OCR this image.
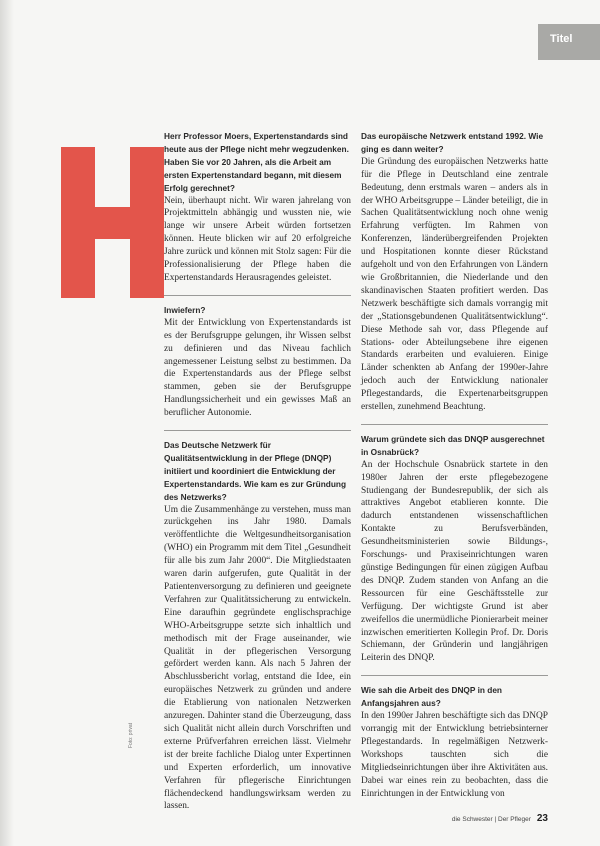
Titel

Herr Professor Moers, Expertenstandards sind heute aus der Pflege nicht mehr wegzudenken. Haben Sie vor 20 Jahren, als die Arbeit am ersten Expertenstandard begann, mit diesem Erfolg gerechnet?

Nein, überhaupt nicht. Wir waren jahrelang von Projektmitteln abhängig und wussten nie, wie lange wir unsere Arbeit würden fortsetzen können. Heute blicken wir auf 20 erfolgreiche Jahre zurück und können mit Stolz sagen: Für die Professionalisierung der Pflege haben die Expertenstandards Herausragendes geleistet.

Inwiefern?

Mit der Entwicklung von Expertenstandards ist es der Berufsgruppe gelungen, ihr Wissen selbst zu definieren und das Niveau fachlich angemessener Leistung selbst zu bestimmen. Da die Expertenstandards aus der Pflege selbst stammen, geben sie der Berufsgruppe Handlungssicherheit und ein gewisses Maß an beruflicher Autonomie.

Das Deutsche Netzwerk für Qualitätsentwicklung in der Pflege (DNQP) initiiert und koordiniert die Entwicklung der Expertenstandards. Wie kam es zur Gründung des Netzwerks?

Um die Zusammenhänge zu verstehen, muss man zurückgehen ins Jahr 1980. Damals veröffentlichte die Weltgesundheitsorganisation (WHO) ein Programm mit dem Titel „Gesundheit für alle bis zum Jahr 2000“. Die Mitgliedstaaten waren darin aufgerufen, gute Qualität in der Patientenversorgung zu definieren und geeignete Verfahren zur Qualitätssicherung zu entwickeln. Eine daraufhin gegründete englischsprachige WHO-Arbeitsgruppe setzte sich inhaltlich und methodisch mit der Frage auseinander, wie Qualität in der pflegerischen Versorgung gefördert werden kann. Als nach 5 Jahren der Abschlussbericht vorlag, entstand die Idee, ein europäisches Netzwerk zu gründen und andere die Etablierung von nationalen Netzwerken anzuregen. Dahinter stand die Überzeugung, dass sich Qualität nicht allein durch Vorschriften und externe Prüfverfahren erreichen lässt. Vielmehr ist der breite fachliche Dialog unter Expertinnen und Experten erforderlich, um innovative Verfahren für pflegerische Einrichtungen flächendeckend handlungswirksam werden zu lassen.

Das europäische Netzwerk entstand 1992. Wie ging es dann weiter?

Die Gründung des europäischen Netzwerks hatte für die Pflege in Deutschland eine zentrale Bedeutung, denn erstmals waren – anders als in der WHO Arbeitsgruppe – Länder beteiligt, die in Sachen Qualitätsentwicklung noch ohne wenig Erfahrung verfügten. Im Rahmen von Konferenzen, länderübergreifenden Projekten und Hospitationen konnte dieser Rückstand aufgeholt und von den Erfahrungen von Ländern wie Großbritannien, die Niederlande und den skandinavischen Staaten profitiert werden. Das Netzwerk beschäftigte sich damals vorrangig mit der „Stationsgebundenen Qualitätsentwicklung“. Diese Methode sah vor, dass Pflegende auf Stations- oder Abteilungsebene ihre eigenen Standards erarbeiten und evaluieren. Einige Länder schenkten ab Anfang der 1990er-Jahre jedoch auch der Entwicklung nationaler Pflegestandards, die Expertenarbeitsgruppen erstellen, zunehmend Beachtung.

Warum gründete sich das DNQP ausgerechnet in Osnabrück?

An der Hochschule Osnabrück startete in den 1980er Jahren der erste pflegebezogene Studiengang der Bundesrepublik, der sich als attraktives Angebot etablieren konnte. Die dadurch entstandenen wissenschaftlichen Kontakte zu Berufsverbänden, Gesundheitsministerien sowie Bildungs-, Forschungs- und Praxiseinrichtungen waren günstige Bedingungen für einen zügigen Aufbau des DNQP. Zudem standen von Anfang an die Ressourcen für eine Geschäftsstelle zur Verfügung. Der wichtigste Grund ist aber zweifellos die unermüdliche Pionierarbeit meiner inzwischen emeritierten Kollegin Prof. Dr. Doris Schiemann, der Gründerin und langjährigen Leiterin des DNQP.

Wie sah die Arbeit des DNQP in den Anfangsjahren aus?

In den 1990er Jahren beschäftigte sich das DNQP vorrangig mit der Entwicklung betriebsinterner Pflegestandards. In regelmäßigen Netzwerk-Workshops tauschten sich die Mitgliedseinrichtungen über ihre Aktivitäten aus. Dabei war eines rein zu beobachten, dass die Einrichtungen in der Entwicklung von

Foto: privat
die Schwester | Der Pfleger 23
